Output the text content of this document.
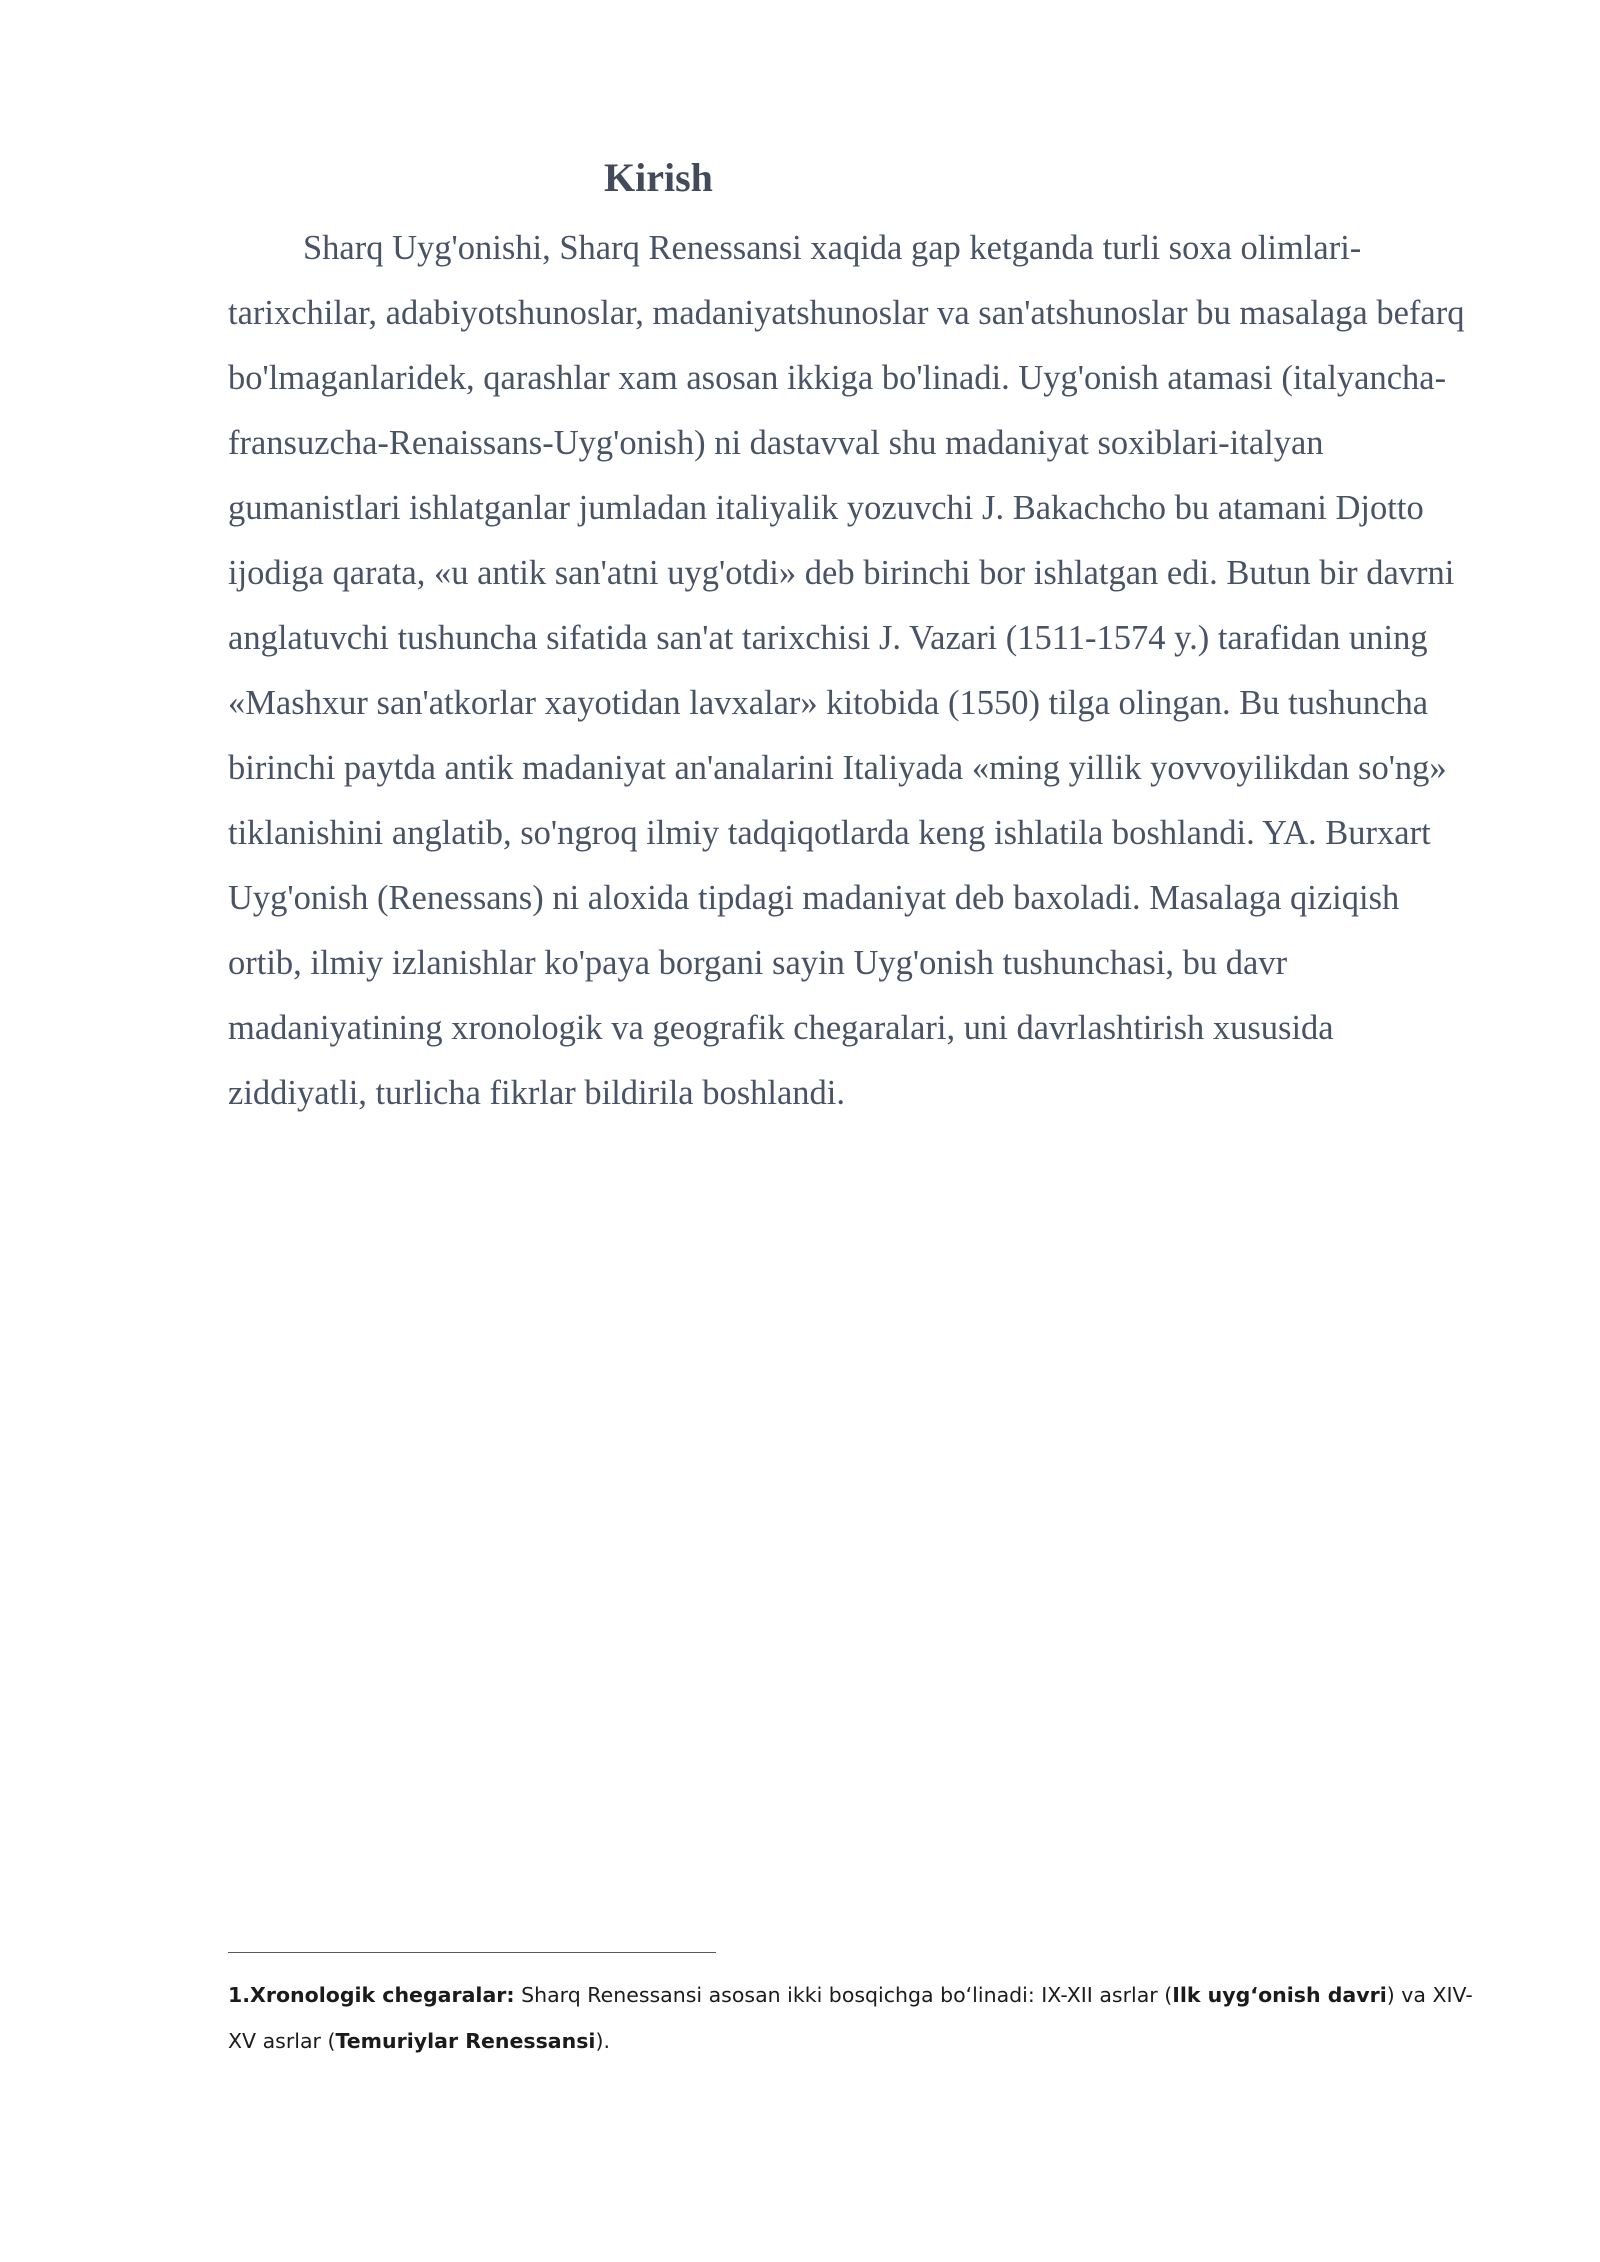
Kirish

Sharq Uyg'onishi, Sharq Renessansi xaqida gap ketganda turli soxa olimlari-tarixchilar, adabiyotshunoslar, madaniyatshunoslar va san'atshunoslar bu masalaga befarq bo'lmaganlaridek, qarashlar xam asosan ikkiga bo'linadi. Uyg'onish atamasi (italyancha-fransuzcha-Renaissans-Uyg'onish) ni dastavval shu madaniyat soxiblari-italyan gumanistlari ishlatganlar jumladan italiyalik yozuvchi J. Bakachcho bu atamani Djotto ijodiga qarata, «u antik san'atni uyg'otdi» deb birinchi bor ishlatgan edi. Butun bir davrni anglatuvchi tushuncha sifatida san'at tarixchisi J. Vazari (1511-1574 y.) tarafidan uning «Mashxur san'atkorlar xayotidan lavxalar» kitobida (1550) tilga olingan. Bu tushuncha birinchi paytda antik madaniyat an'analarini Italiyada «ming yillik yovvoyilikdan so'ng» tiklanishini anglatib, so'ngroq ilmiy tadqiqotlarda keng ishlatila boshlandi. YA. Burxart Uyg'onish (Renessans) ni aloxida tipdagi madaniyat deb baxoladi. Masalaga qiziqish ortib, ilmiy izlanishlar ko'paya borgani sayin Uyg'onish tushunchasi, bu davr madaniyatining xronologik va geografik chegaralari, uni davrlashtirish xususida ziddiyatli, turlicha fikrlar bildirila boshlandi.

1.Xronologik chegaralar: Sharq Renessansi asosan ikki bosqichga bo‘linadi: IX-XII asrlar (Ilk uyg‘onish davri) va XIV-XV asrlar (Temuriylar Renessansi).
